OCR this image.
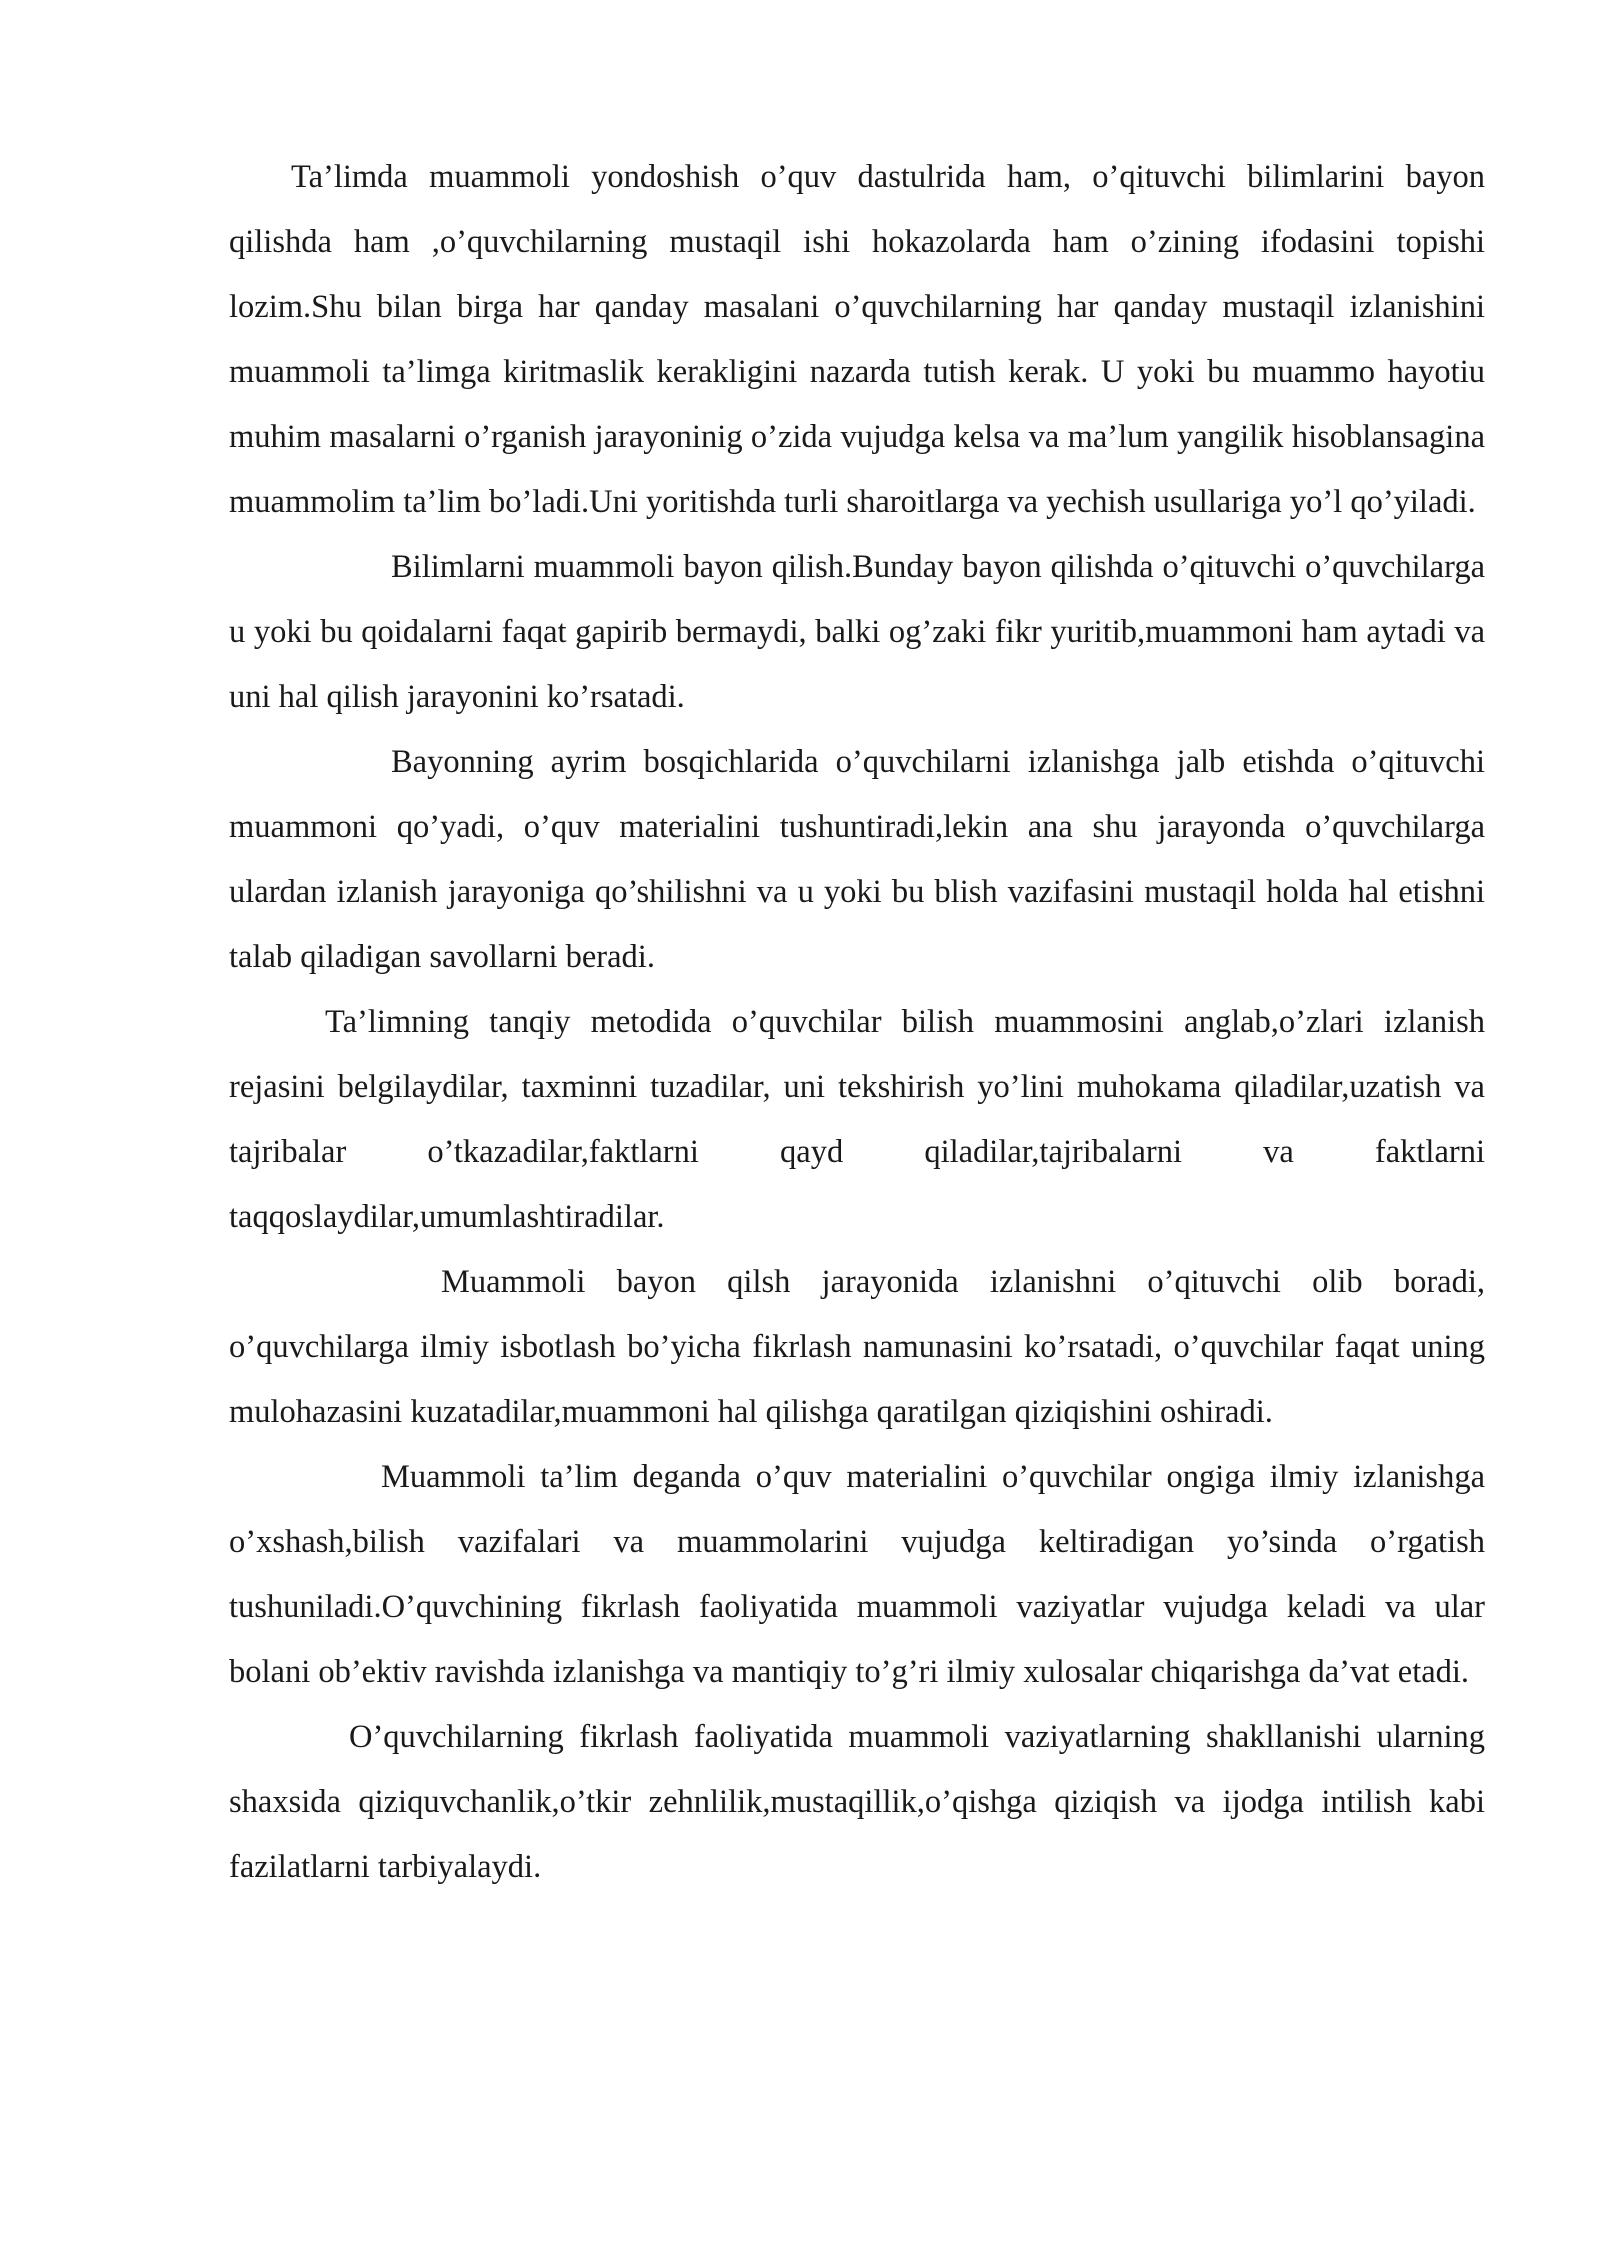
Ta’limda muammoli yondoshish o’quv dastulrida ham, o’qituvchi bilimlarini bayon qilishda ham ,o’quvchilarning mustaqil ishi hokazolarda ham o’zining ifodasini topishi lozim.Shu bilan birga har qanday masalani o’quvchilarning har qanday mustaqil izlanishini muammoli ta’limga kiritmaslik kerakligini nazarda tutish kerak. U yoki bu muammo hayotiu muhim masalarni o’rganish jarayoninig o’zida vujudga kelsa va ma’lum yangilik hisoblansagina muammolim ta’lim bo’ladi.Uni yoritishda turli sharoitlarga va yechish usullariga yo’l qo’yiladi.

Bilimlarni muammoli bayon qilish.Bunday bayon qilishda o’qituvchi o’quvchilarga u yoki bu qoidalarni faqat gapirib bermaydi, balki og’zaki fikr yuritib,muammoni ham aytadi va uni hal qilish jarayonini ko’rsatadi.

Bayonning ayrim bosqichlarida o’quvchilarni izlanishga jalb etishda o’qituvchi muammoni qo’yadi, o’quv materialini tushuntiradi,lekin ana shu jarayonda o’quvchilarga ulardan izlanish jarayoniga qo’shilishni va u yoki bu blish vazifasini mustaqil holda hal etishni talab qiladigan savollarni beradi.

Ta’limning tanqiy metodida o’quvchilar bilish muammosini anglab,o’zlari izlanish rejasini belgilaydilar, taxminni tuzadilar, uni tekshirish yo’lini muhokama qiladilar,uzatish va tajribalar o’tkazadilar,faktlarni qayd qiladilar,tajribalarni va faktlarni taqqoslaydilar,umumlashtiradilar.

Muammoli bayon qilsh jarayonida izlanishni o’qituvchi olib boradi, o’quvchilarga ilmiy isbotlash bo’yicha fikrlash namunasini ko’rsatadi, o’quvchilar faqat uning mulohazasini kuzatadilar,muammoni hal qilishga qaratilgan qiziqishini oshiradi.

Muammoli ta’lim deganda o’quv materialini o’quvchilar ongiga ilmiy izlanishga o’xshash,bilish vazifalari va muammolarini vujudga keltiradigan yo’sinda o’rgatish tushuniladi.O’quvchining fikrlash faoliyatida muammoli vaziyatlar vujudga keladi va ular bolani ob’ektiv ravishda izlanishga va mantiqiy to’g’ri ilmiy xulosalar chiqarishga da’vat etadi.

O’quvchilarning fikrlash faoliyatida muammoli vaziyatlarning shakllanishi ularning shaxsida qiziquvchanlik,o’tkir zehnlilik,mustaqillik,o’qishga qiziqish va ijodga intilish kabi fazilatlarni tarbiyalaydi.
